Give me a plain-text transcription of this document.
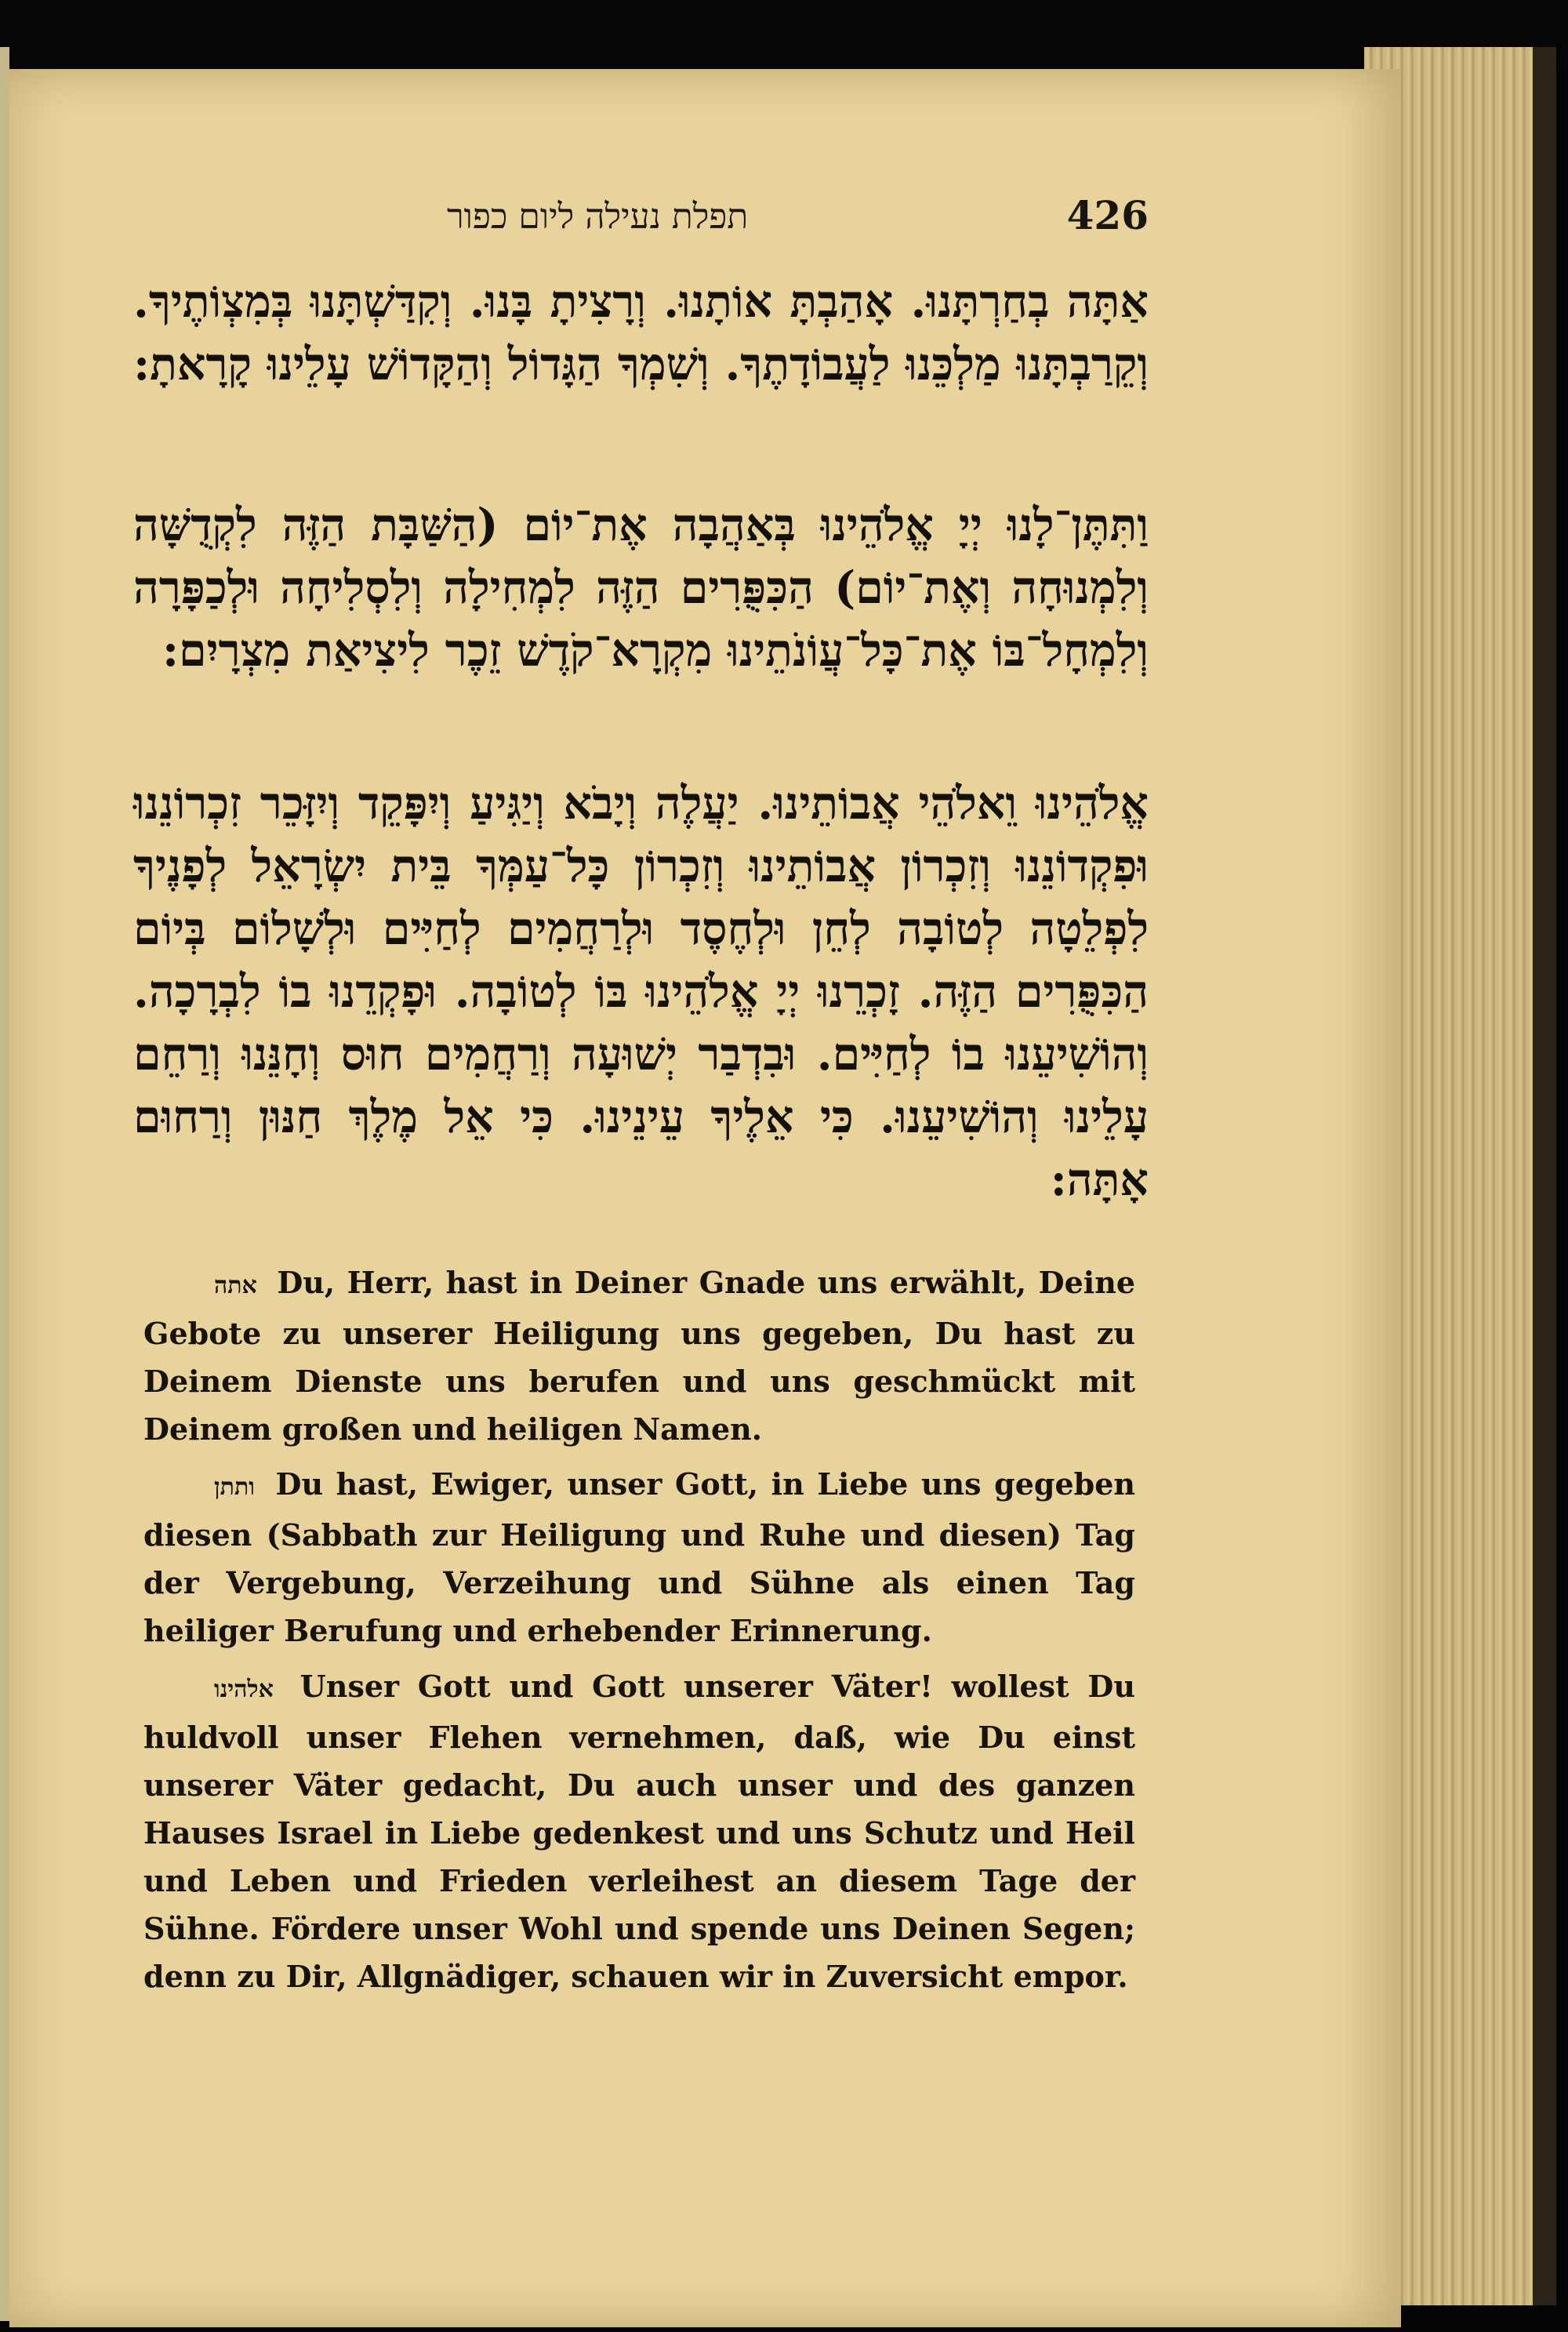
תפלת נעילה ליום כפור	426
אַתָּה בְחַרְתָּנוּ. אָהַבְתָּ אוֹתָנוּ. וְרָצִיתָ בָּנוּ. וְקִדַּשְׁתָּנוּ בְּמִצְוֹתֶיךָ. וְקֵרַבְתָּנוּ מַלְכֵּנוּ לַעֲבוֹדָתֶךָ. וְשִׁמְךָ הַגָּדוֹל וְהַקָּדוֹשׁ עָלֵינוּ קָרָאתָ:
וַתִּתֶּן־לָנוּ יְיָ אֱלֹהֵינוּ בְּאַהֲבָה אֶת־יוֹם (הַשַּׁבָּת הַזֶּה לִקְדֻשָּׁה וְלִמְנוּחָה וְאֶת־יוֹם) הַכִּפֻּרִים הַזֶּה לִמְחִילָה וְלִסְלִיחָה וּלְכַפָּרָה וְלִמְחָל־בּוֹ אֶת־כָּל־עֲוֹנֹתֵינוּ מִקְרָא־קֹדֶשׁ זֵכֶר לִיצִיאַת מִצְרָיִם:
אֱלֹהֵינוּ וֵאלֹהֵי אֲבוֹתֵינוּ. יַעֲלֶה וְיָבֹא וְיַגִּיעַ וְיִפָּקֵד וְיִזָּכֵר זִכְרוֹנֵנוּ וּפִקְדוֹנֵנוּ וְזִכְרוֹן אֲבוֹתֵינוּ וְזִכְרוֹן כָּל־עַמְּךָ בֵּית יִשְׂרָאֵל לְפָנֶיךָ לִפְלֵטָה לְטוֹבָה לְחֵן וּלְחֶסֶד וּלְרַחֲמִים לְחַיִּים וּלְשָׁלוֹם בְּיוֹם הַכִּפֻּרִים הַזֶּה. זָכְרֵנוּ יְיָ אֱלֹהֵינוּ בּוֹ לְטוֹבָה. וּפָקְדֵנוּ בוֹ לִבְרָכָה. וְהוֹשִׁיעֵנוּ בוֹ לְחַיִּים. וּבִדְבַר יְשׁוּעָה וְרַחֲמִים חוּס וְחָנֵּנוּ וְרַחֵם עָלֵינוּ וְהוֹשִׁיעֵנוּ. כִּי אֵלֶיךָ עֵינֵינוּ. כִּי אֵל מֶלֶךְ חַנּוּן וְרַחוּם אָתָּה:
אתה Du, Herr, hast in Deiner Gnade uns erwählt, Deine Gebote zu unserer Heiligung uns gegeben, Du hast zu Deinem Dienste uns berufen und uns geschmückt mit Deinem großen und heiligen Namen.
ותתן Du hast, Ewiger, unser Gott, in Liebe uns gegeben diesen (Sabbath zur Heiligung und Ruhe und diesen) Tag der Vergebung, Verzeihung und Sühne als einen Tag heiliger Berufung und erhebender Erinnerung.
אלהינו Unser Gott und Gott unserer Väter! wollest Du huldvoll unser Flehen vernehmen, daß, wie Du einst unserer Väter gedacht, Du auch unser und des ganzen Hauses Israel in Liebe gedenkest und uns Schutz und Heil und Leben und Frieden verleihest an diesem Tage der Sühne. Fördere unser Wohl und spende uns Deinen Segen; denn zu Dir, Allgnädiger, schauen wir in Zuversicht empor.
